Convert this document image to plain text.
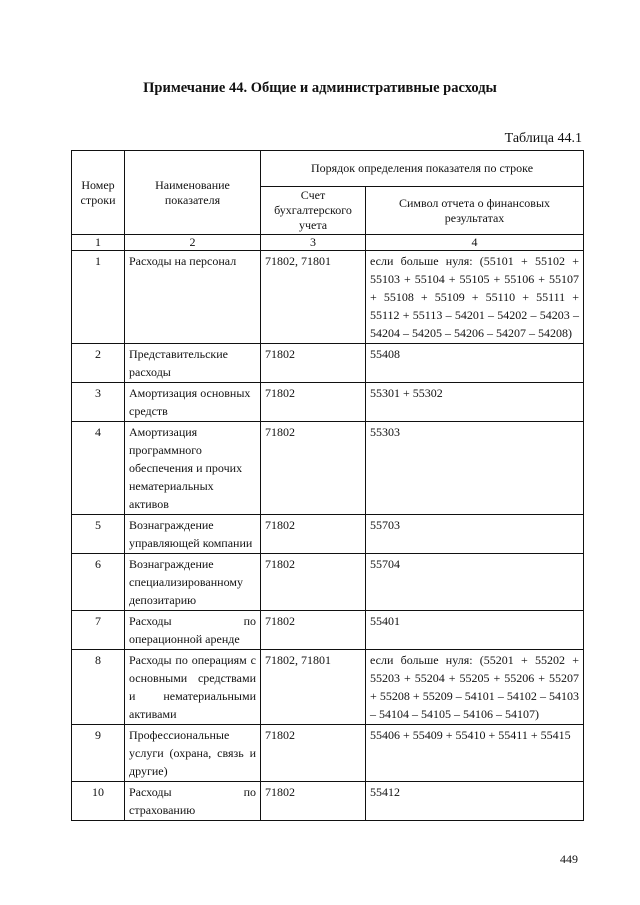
Примечание 44. Общие и административные расходы
Таблица 44.1
Номер строки	Наименование показателя	Порядок определения показателя по строке	
		Счет бухгалтерского учета	Символ отчета о финансовых результатах
1	2	3	4
1	Расходы на персонал	71802, 71801	если больше нуля: (55101 + 55102 + 55103 + 55104 + 55105 + 55106 + 55107 + 55108 + 55109 + 55110 + 55111 + 55112 + 55113 – 54201 – 54202 – 54203 – 54204 – 54205 – 54206 – 54207 – 54208)
2	Представительские расходы	71802	55408
3	Амортизация основных средств	71802	55301 + 55302
4	Амортизация программного обеспечения и прочих нематериальных активов	71802	55303
5	Вознаграждение управляющей компании	71802	55703
6	Вознаграждение специализированному депозитарию	71802	55704
7	Расходы по операционной аренде	71802	55401
8	Расходы по операциям с основными средствами и нематериальными активами	71802, 71801	если больше нуля: (55201 + 55202 + 55203 + 55204 + 55205 + 55206 + 55207 + 55208 + 55209 – 54101 – 54102 – 54103 – 54104 – 54105 – 54106 – 54107)
9	Профессиональные услуги (охрана, связь и другие)	71802	55406 + 55409 + 55410 + 55411 + 55415
10	Расходы по страхованию	71802	55412
449
